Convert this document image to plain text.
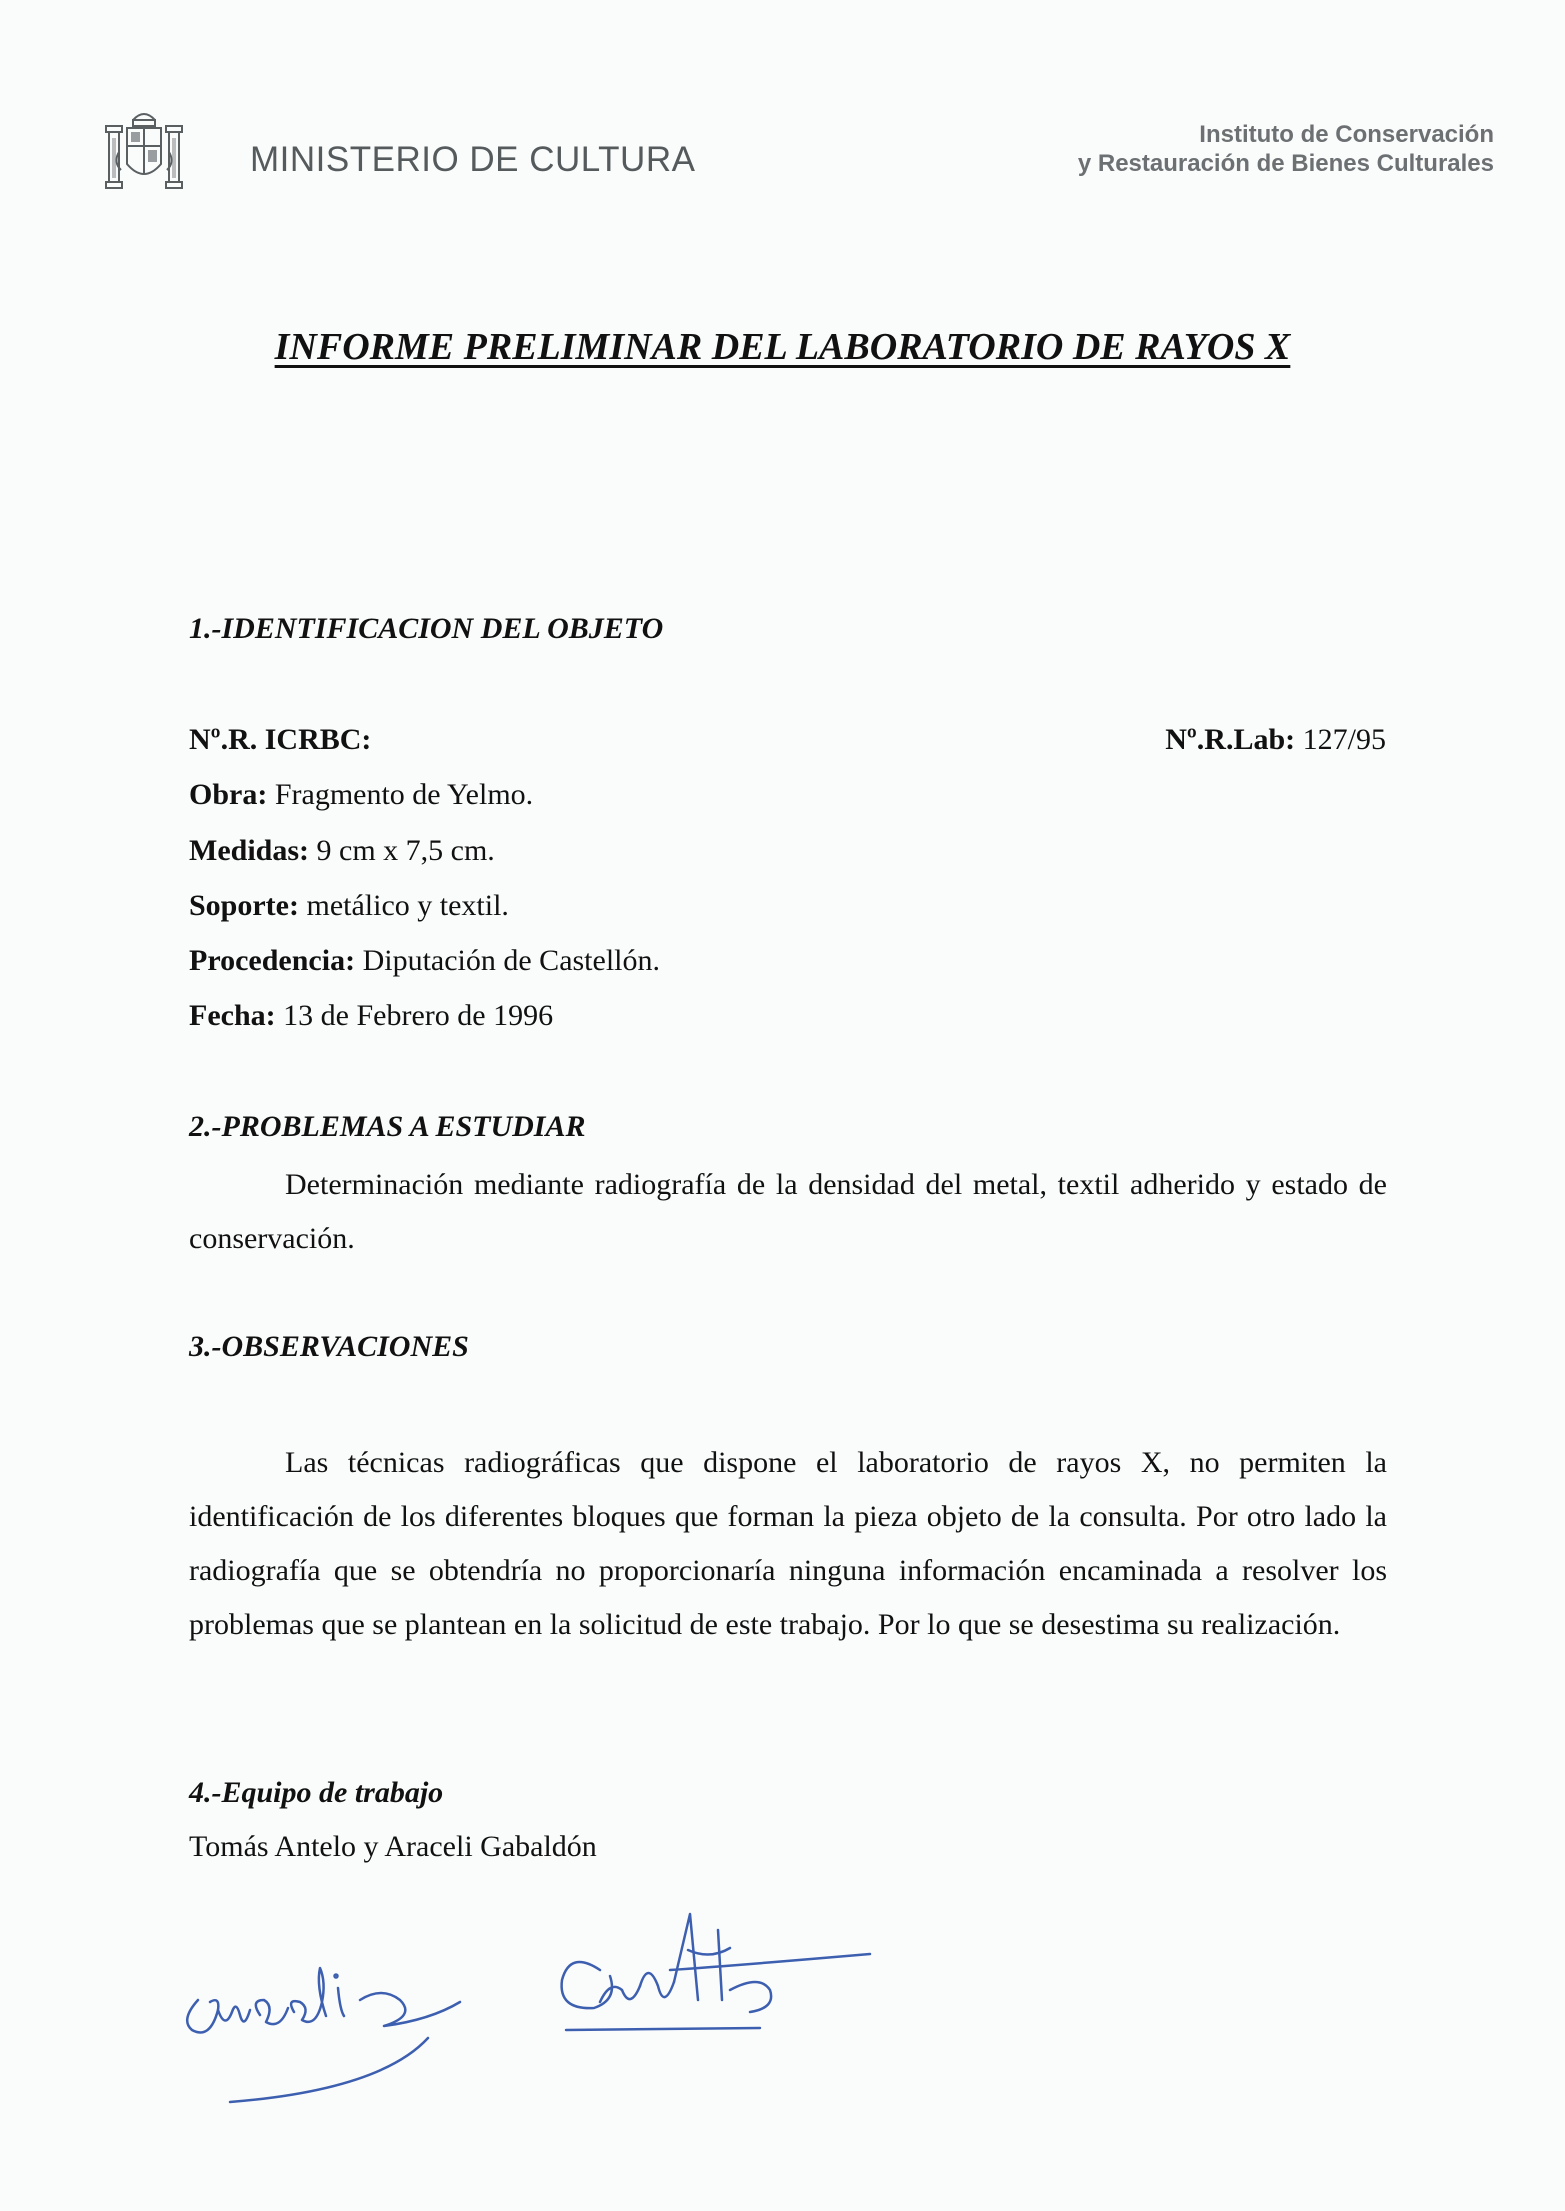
MINISTERIO DE CULTURA
Instituto de Conservación
y Restauración de Bienes Culturales
INFORME PRELIMINAR DEL LABORATORIO DE RAYOS X
1.-IDENTIFICACION DEL OBJETO
Nº.R. ICRBC:	Nº.R.Lab: 127/95
Obra: Fragmento de Yelmo.
Medidas: 9 cm x 7,5 cm.
Soporte: metálico y textil.
Procedencia: Diputación de Castellón.
Fecha: 13 de Febrero de 1996
2.-PROBLEMAS A ESTUDIAR

Determinación mediante radiografía de la densidad del metal, textil adherido y estado de conservación.

3.-OBSERVACIONES

Las técnicas radiográficas que dispone el laboratorio de rayos X, no permiten la identificación de los diferentes bloques que forman la pieza objeto de la consulta. Por otro lado la radiografía que se obtendría no proporcionaría ninguna información encaminada a resolver los problemas que se plantean en la solicitud de este trabajo. Por lo que se desestima su realización.

4.-Equipo de trabajo
Tomás Antelo y Araceli Gabaldón
